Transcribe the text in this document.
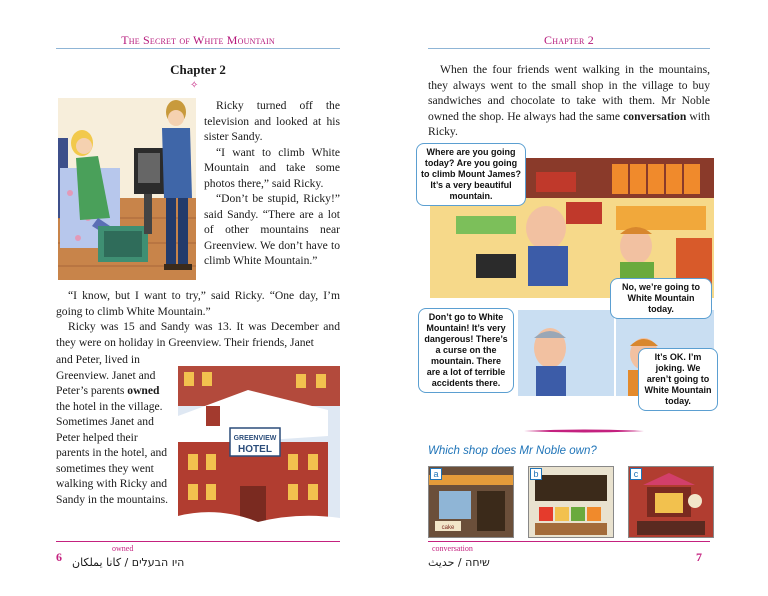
The Secret of White Mountain
Chapter 2
✧

Ricky turned off the television and looked at his sister Sandy.

“I want to climb White Mountain and take some photos there,” said Ricky.

“Don’t be stupid, Ricky!” said Sandy. “There are a lot of other mountains near Greenview. We don’t have to climb White Mountain.”

“I know, but I want to try,” said Ricky. “One day, I’m going to climb White Mountain.”

Ricky was 15 and Sandy was 13. It was December and they were on holiday in Greenview. Their friends, Janet

and Peter, lived in Greenview. Janet and Peter’s parents owned the hotel in the village. Sometimes Janet and Peter helped their parents in the hotel, and sometimes they went walking with Ricky and Sandy in the mountains.
GREENVIEW
HOTEL
owned
6 היו הבעלים / كانا يملكان
Chapter 2

When the four friends went walking in the mountains, they always went to the small shop in the village to buy sandwiches and chocolate to take with them. Mr Noble owned the shop. He always had the same conversation with Ricky.

Where are you going today? Are you going to climb Mount James? It’s a very beautiful mountain.
No, we’re going to White Mountain today.
Don’t go to White Mountain! It’s very dangerous! There’s a curse on the mountain. There are a lot of terrible accidents there.
It’s OK. I’m joking. We aren’t going to White Mountain today.
Which shop does Mr Noble own?
cake
a	b	c
conversation
שיחה / حديث	7
